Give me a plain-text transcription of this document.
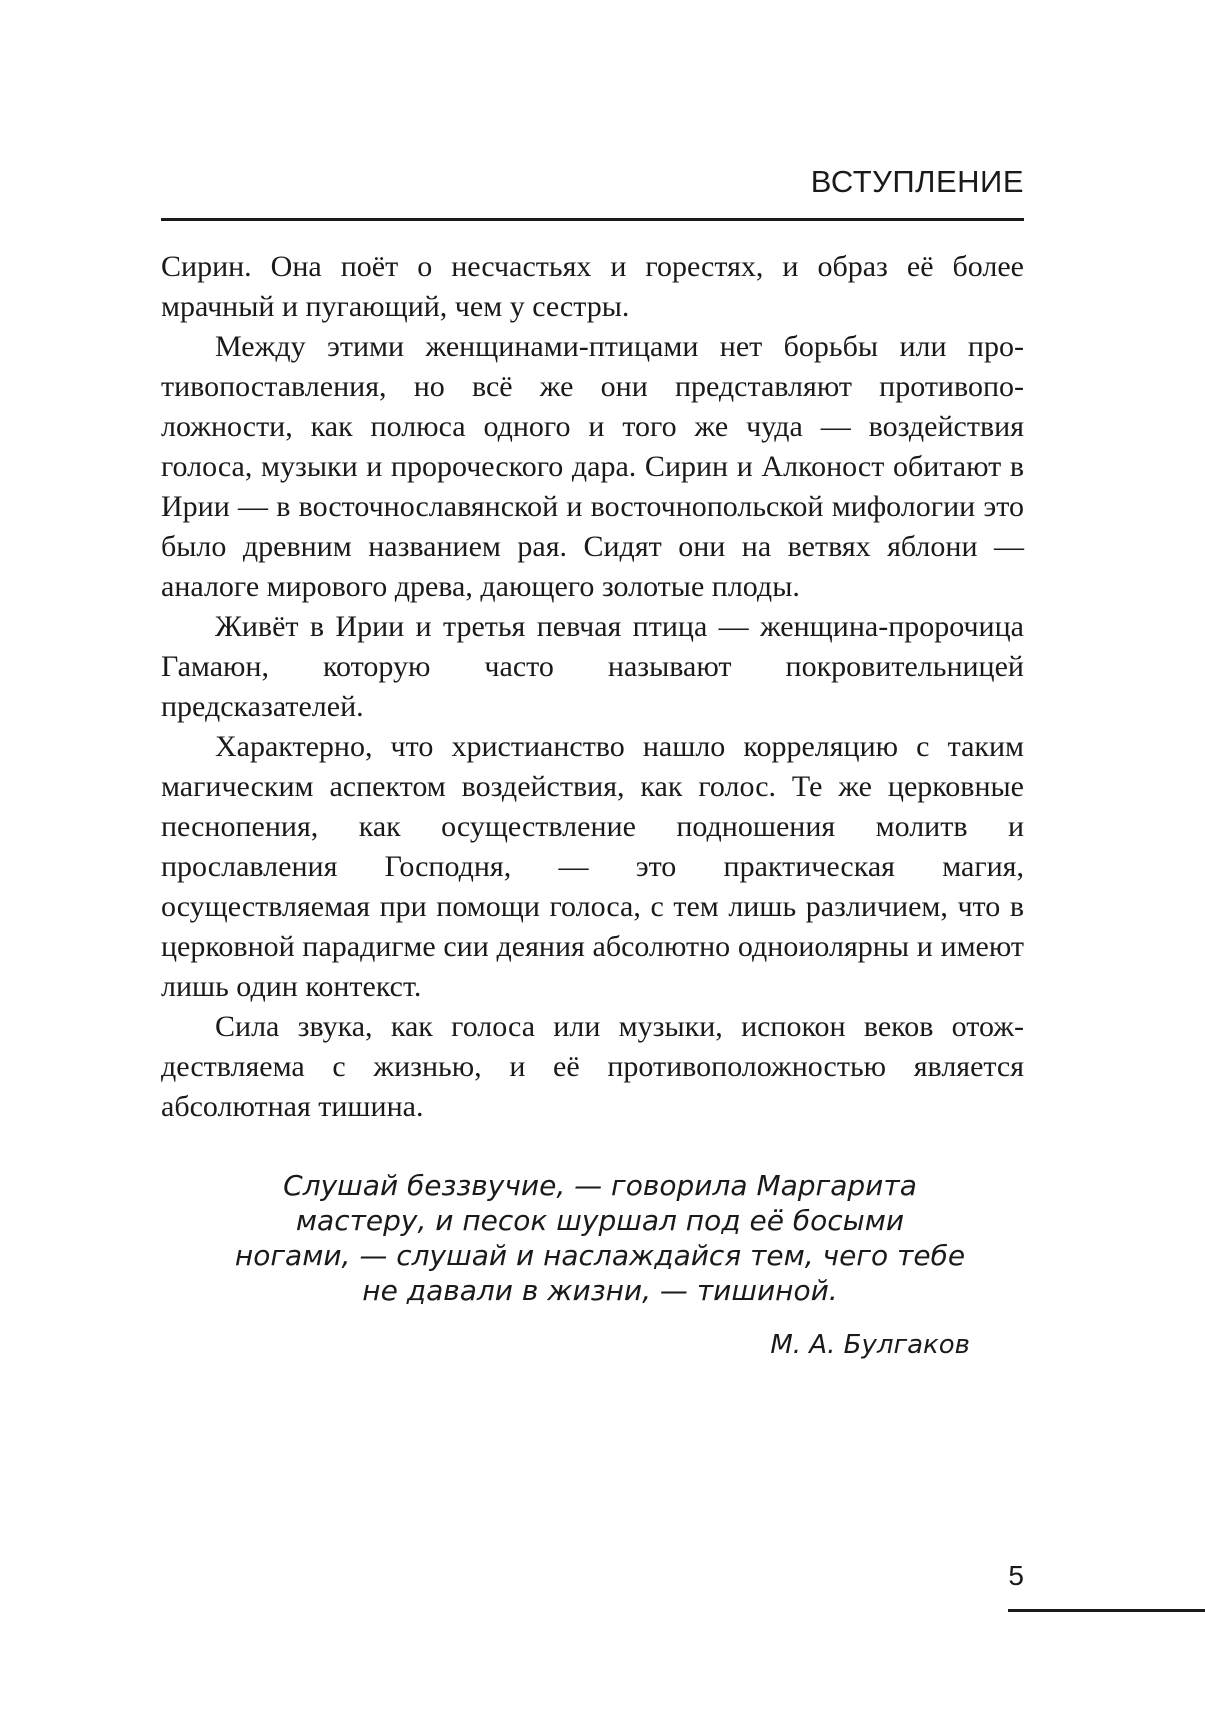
ВСТУПЛЕНИЕ

Сирин. Она поёт о несчастьях и горестях, и образ её более мрачный и пугающий, чем у сестры.

Между этими женщинами-птицами нет борьбы или противопоставления, но всё же они представляют противоположности, как полюса одного и того же чуда — воздействия голоса, музыки и пророческого дара. Сирин и Алконост обитают в Ирии — в восточнославянской и восточнопольской мифологии это было древним названием рая. Сидят они на ветвях яблони — аналоге мирового древа, дающего золотые плоды.

Живёт в Ирии и третья певчая птица — женщина-пророчица Гамаюн, которую часто называют покровительницей предсказателей.

Характерно, что христианство нашло корреляцию с таким магическим аспектом воздействия, как голос. Те же церковные песнопения, как осуществление подношения молитв и прославления Господня, — это практическая магия, осуществляемая при помощи голоса, с тем лишь различием, что в церковной парадигме сии деяния абсолютно одноиолярны и имеют лишь один контекст.

Сила звука, как голоса или музыки, испокон веков отождествляема с жизнью, и её противоположностью является абсолютная тишина.

Слушай беззвучие, — говорила Маргарита
мастеру, и песок шуршал под её босыми
ногами, — слушай и наслаждайся тем, чего тебе
не давали в жизни, — тишиной.
М. А. Булгаков
5
